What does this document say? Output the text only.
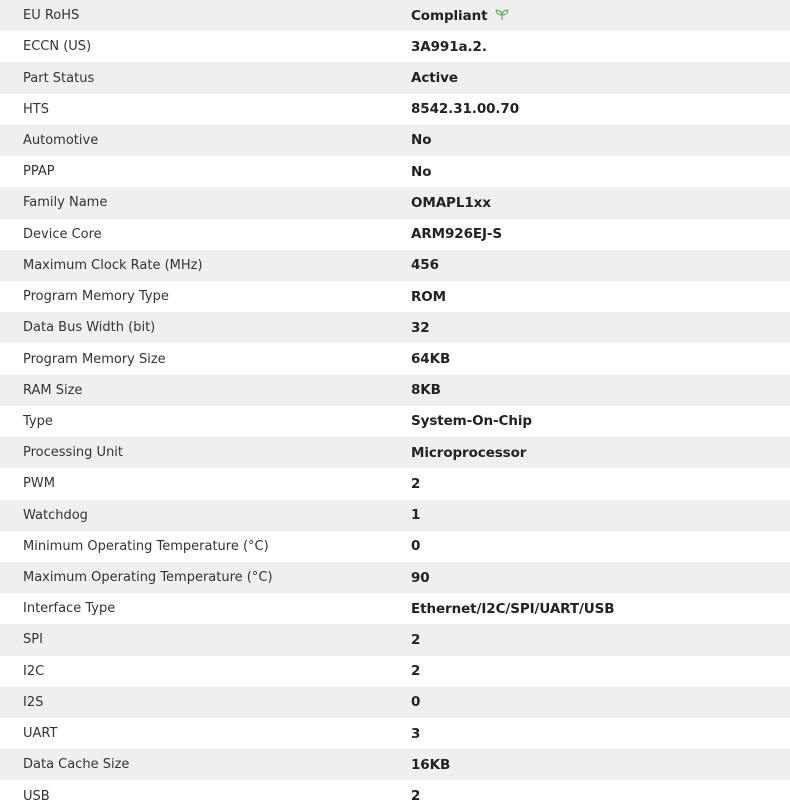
EU RoHS	Compliant
ECCN (US)	3A991a.2.
Part Status	Active
HTS	8542.31.00.70
Automotive	No
PPAP	No
Family Name	OMAPL1xx
Device Core	ARM926EJ-S
Maximum Clock Rate (MHz)	456
Program Memory Type	ROM
Data Bus Width (bit)	32
Program Memory Size	64KB
RAM Size	8KB
Type	System-On-Chip
Processing Unit	Microprocessor
PWM	2
Watchdog	1
Minimum Operating Temperature (°C)	0
Maximum Operating Temperature (°C)	90
Interface Type	Ethernet/I2C/SPI/UART/USB
SPI	2
I2C	2
I2S	0
UART	3
Data Cache Size	16KB
USB	2
